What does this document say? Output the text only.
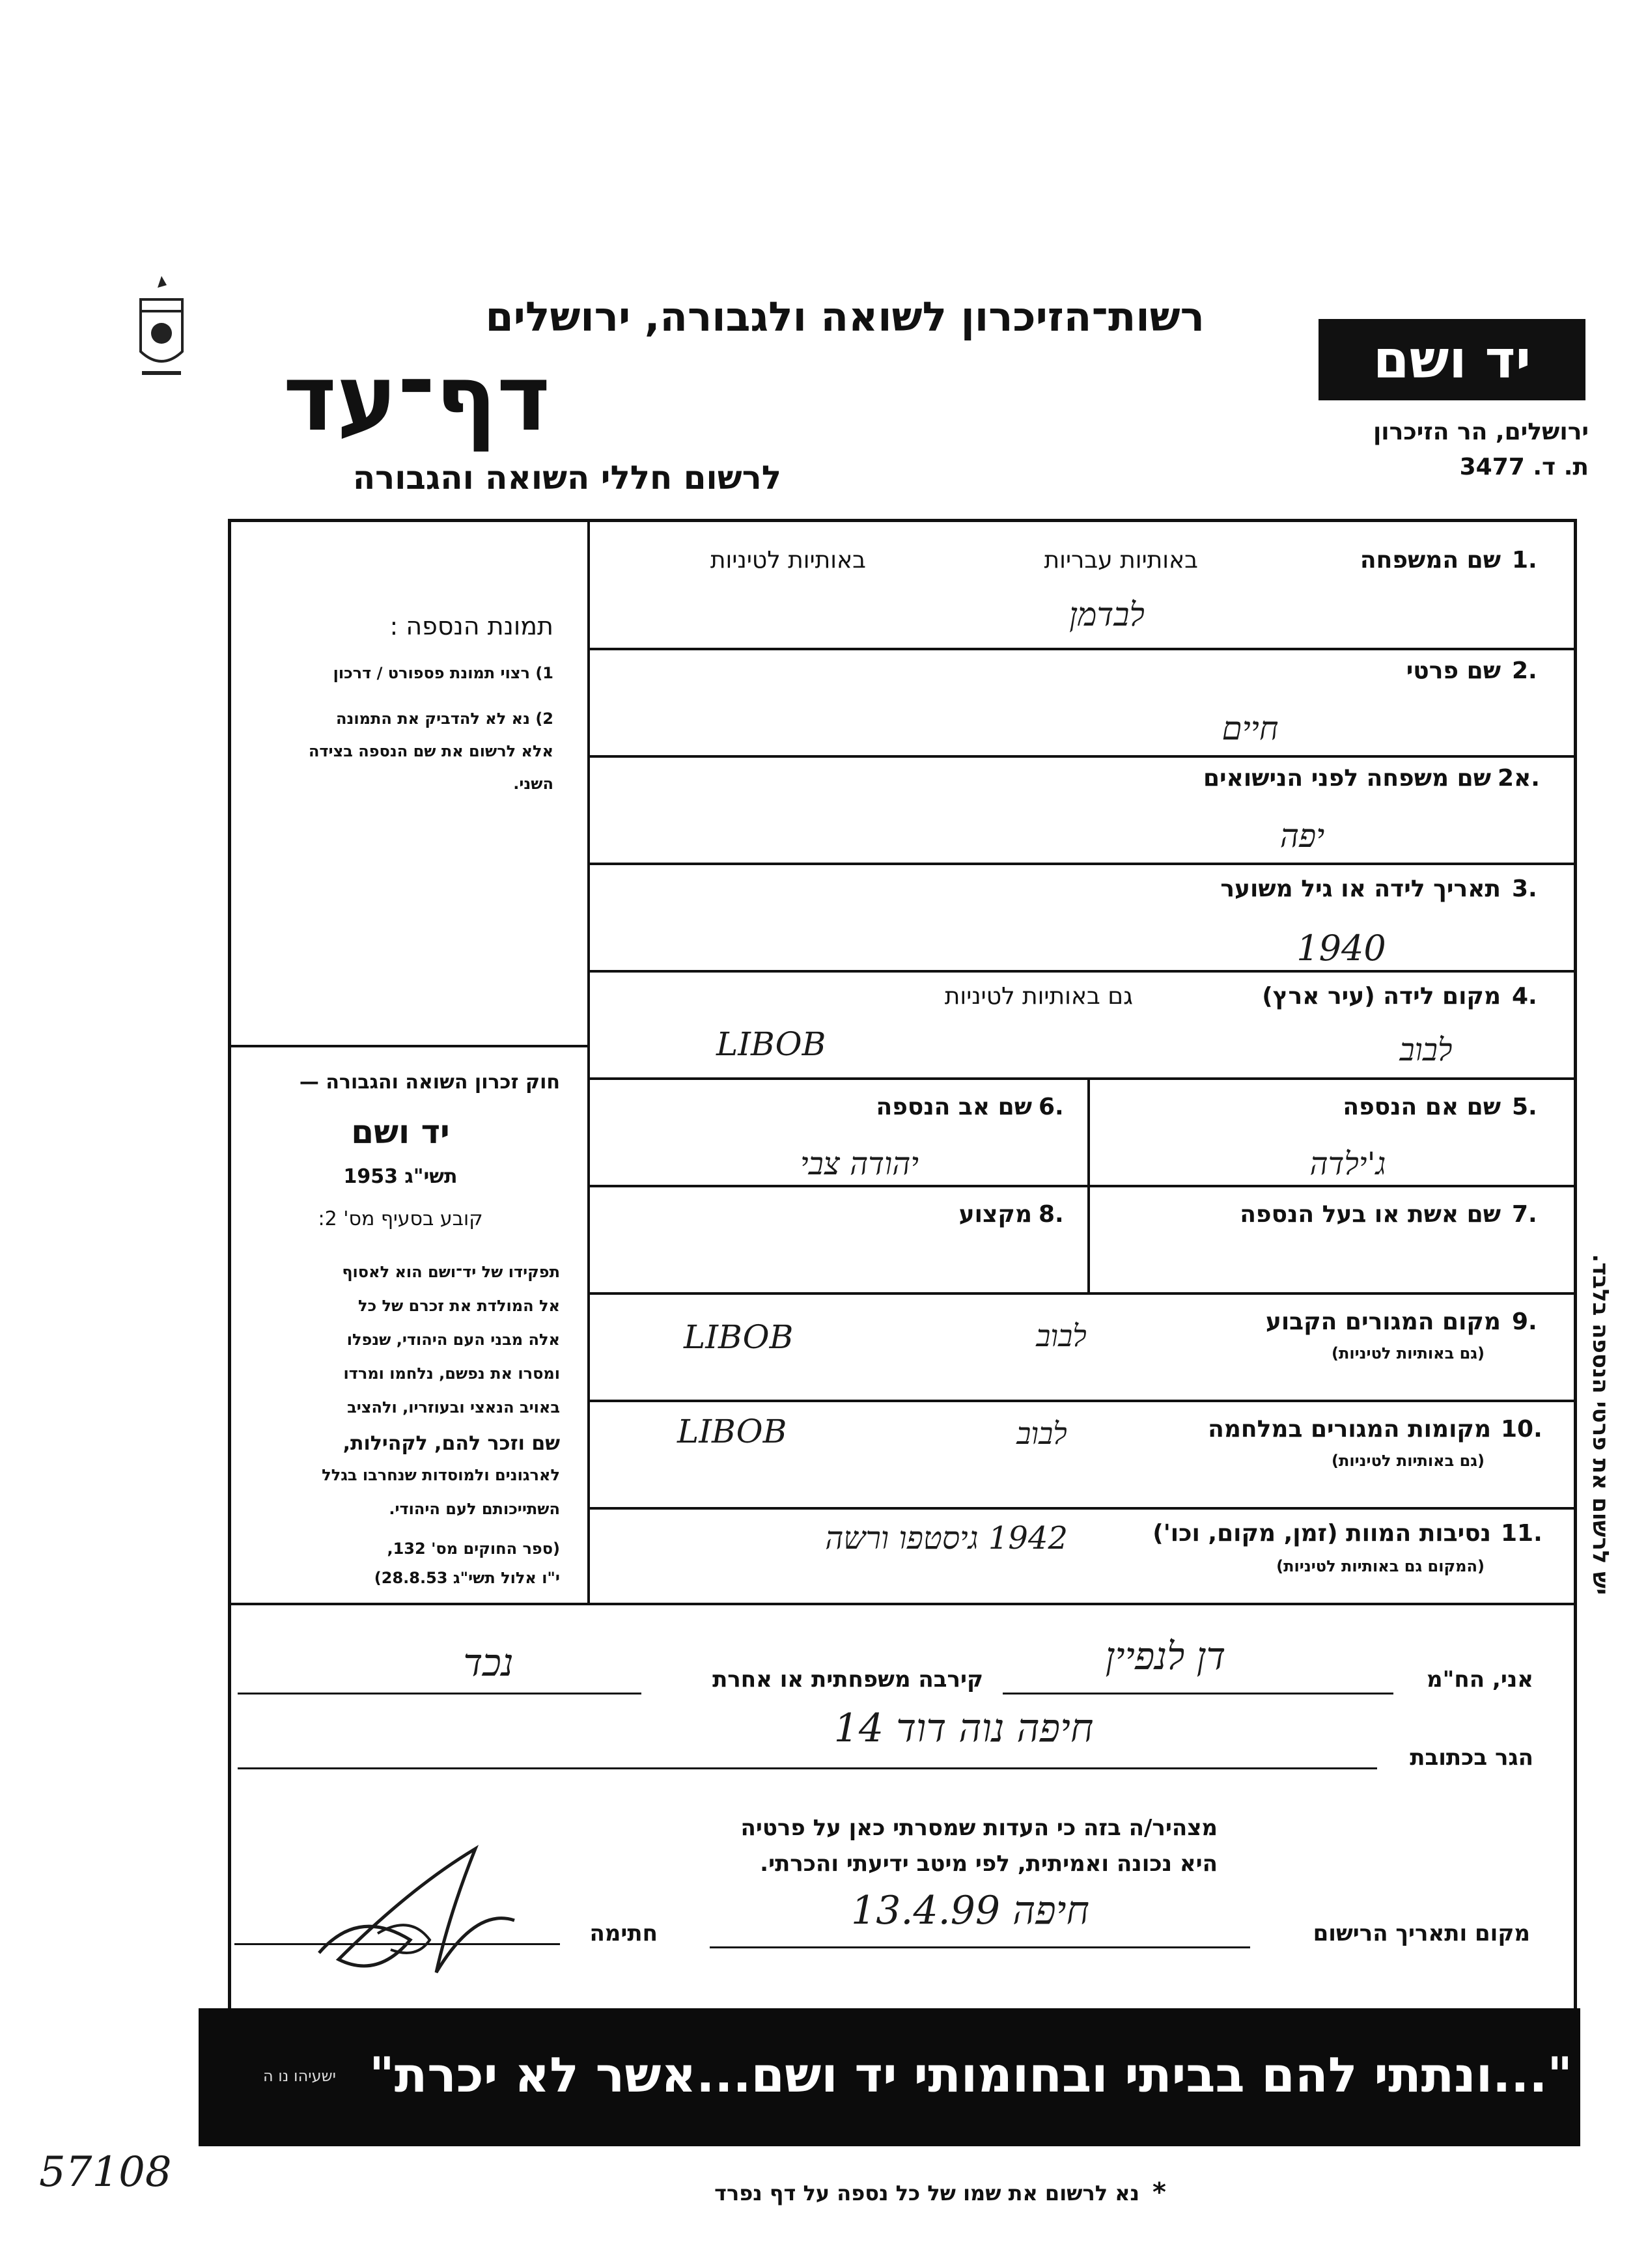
רשות־הזיכרון לשואה ולגבורה, ירושלים
דף־עד
לרשום חללי השואה והגבורה
יד ושם
ירושלים, הר הזיכרון
ת. ד. 3477
תמונת הנספה :
1) רצוי תמונת פספורט / דרכון
2) נא לא להדביק את התמונה
אלא לרשום את שם הנספה בצידה
השני.
חוק זכרון השואה והגבורה —
יד ושם
תשי"ג 1953
קובע בסעיף מס' 2:
תפקידו של יד־ושם הוא לאסוף
אל המולדת את זכרם של כל
אלה מבני העם היהודי, שנפלו
ומסרו את נפשם, נלחמו ומרדו
באויב הנאצי ובעוזריו, ולהציב
שם וזכר להם, לקהילות,
לארגונים ולמוסדות שנחרבו בגלל
השתייכותם לעם היהודי.
(ספר החוקים מס' 132,
י"ו אלול תשי"ג 28.8.53)
1.
שם המשפחה
באותיות עבריות
באותיות לטיניות
לבדמן
2.
שם פרטי
חיים
2א.
שם משפחה לפני הנישואים
יפה
3.
תאריך לידה או גיל משוער
1940
4.
מקום לידה (עיר ארץ)
גם באותיות לטיניות
LIBOB	לבוב
5.
שם אם הנספה
ג'ילדה
6.
שם אב הנספה
יהודה צבי
7.
שם אשת או בעל הנספה
8.
מקצוע
9.
מקום המגורים הקבוע
(גם באותיות לטיניות)
LIBOB	לבוב
10.
מקומות המגורים במלחמה
(גם באותיות לטיניות)
LIBOB	לבוב
11.
נסיבות המוות (זמן, מקום, וכו')
(המקום גם באותיות לטיניות)
1942 גיסטפו ורשה
אני, הח"מ
דן לנפיין
קירבה משפחתית או אחרת
נכד
הגר בכתובת
חיפה נוה דוד 14
מצהיר/ה בזה כי העדות שמסרתי כאן על פרטיה
היא נכונה ואמיתית, לפי מיטב ידיעתי והכרתי.
חתימה	מקום ותאריך הרישום
חיפה 13.4.99
"...ונתתי להם בביתי ובחומותי יד ושם...אשר לא יכרת"
ישעיהו נו ה
יש לרשום את פרטי הנספה בלבד.
57108	נא לרשום את שמו של כל נספה על דף נפרד *
